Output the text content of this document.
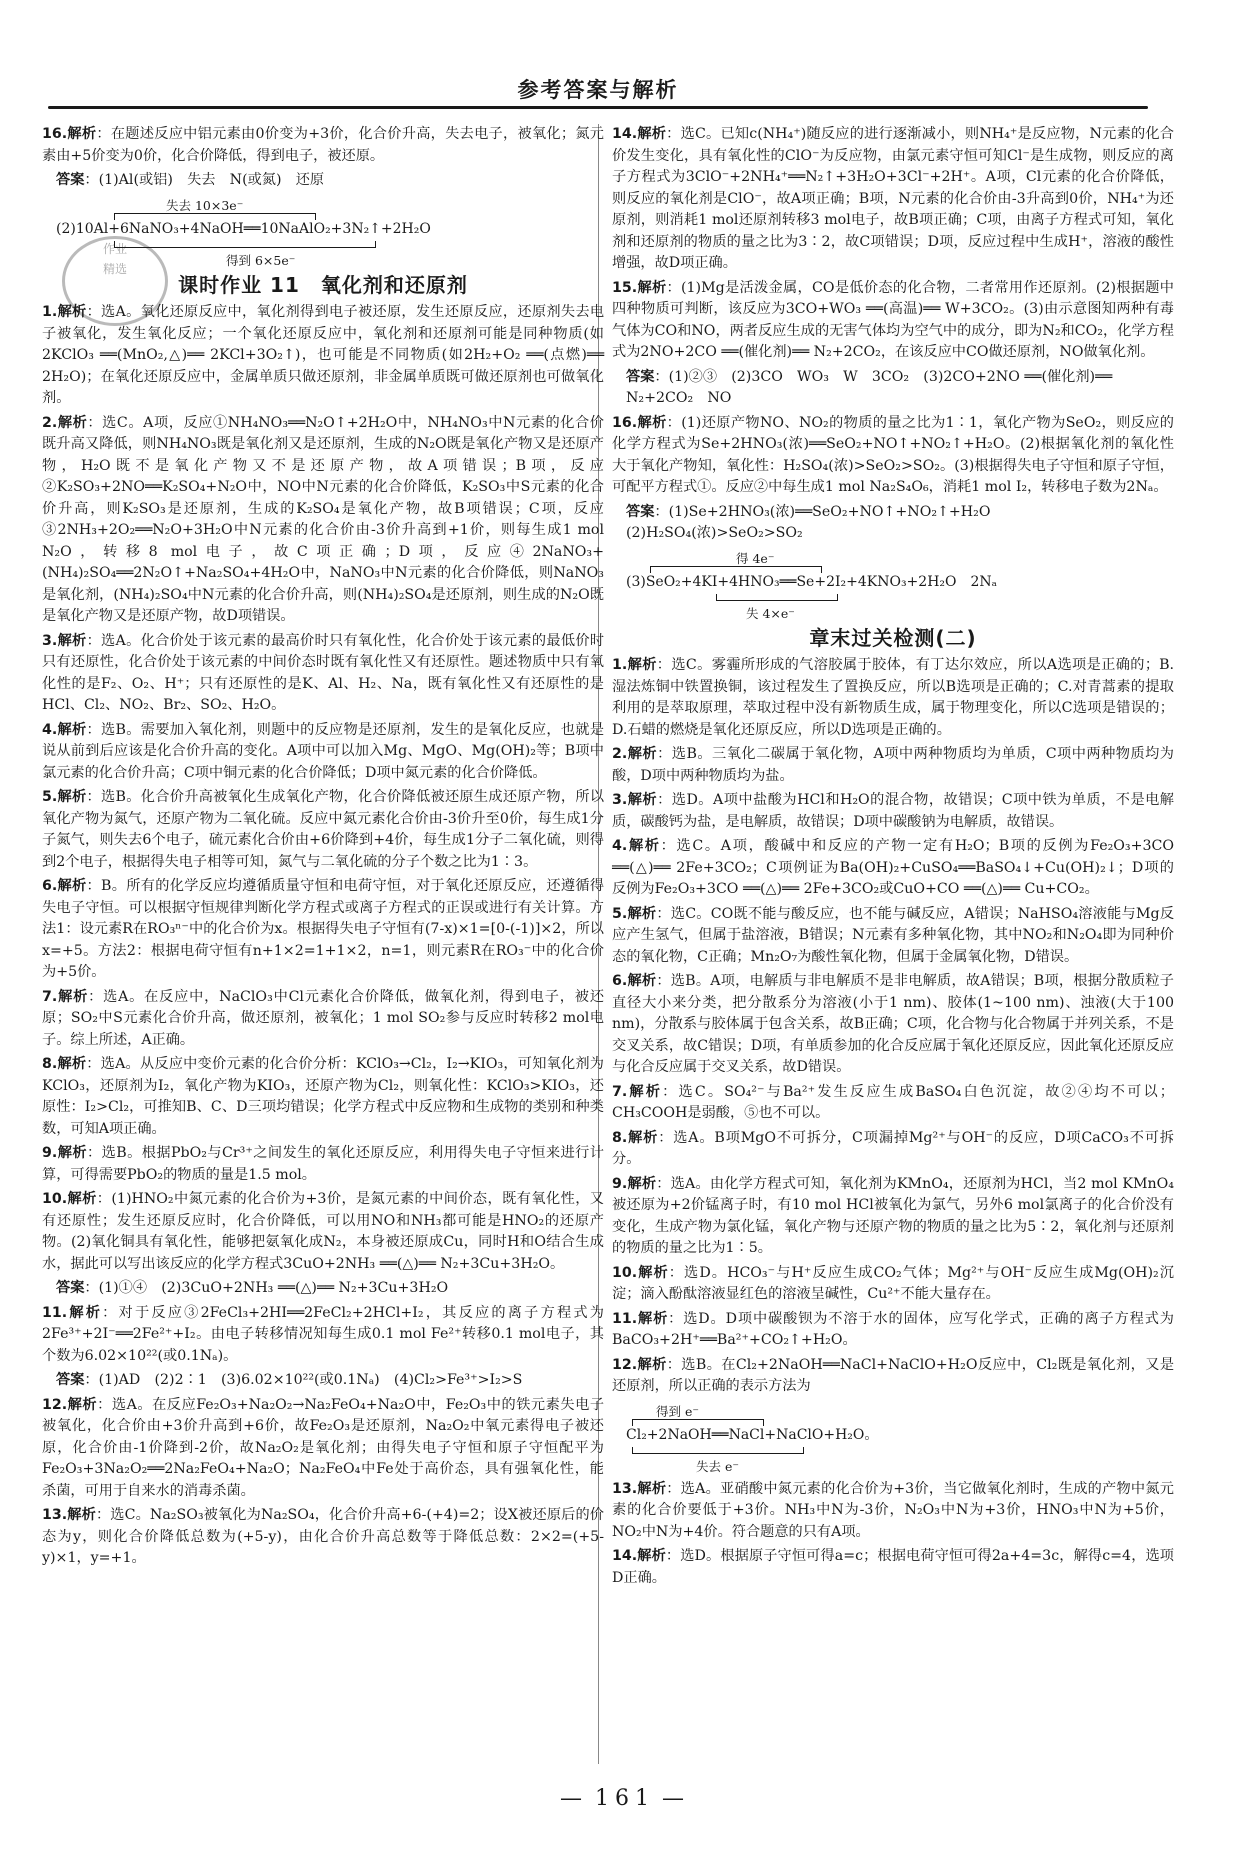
参考答案与解析
作业
精选
16.解析：在题述反应中铝元素由0价变为+3价，化合价升高，失去电子，被氧化；氮元素由+5价变为0价，化合价降低，得到电子，被还原。
答案：(1)Al(或铝)　失去　N(或氮)　还原
失去 10×3e⁻
(2)10Al+6NaNO₃+4NaOH══10NaAlO₂+3N₂↑+2H₂O
得到 6×5e⁻
课时作业 11　氧化剂和还原剂
1.解析：选A。氧化还原反应中，氧化剂得到电子被还原，发生还原反应，还原剂失去电子被氧化，发生氧化反应；一个氧化还原反应中，氧化剂和还原剂可能是同种物质(如2KClO₃ ══(MnO₂,△)══ 2KCl+3O₂↑)，也可能是不同物质(如2H₂+O₂ ══(点燃)══ 2H₂O)；在氧化还原反应中，金属单质只做还原剂，非金属单质既可做还原剂也可做氧化剂。
2.解析：选C。A项，反应①NH₄NO₃══N₂O↑+2H₂O中，NH₄NO₃中N元素的化合价既升高又降低，则NH₄NO₃既是氧化剂又是还原剂，生成的N₂O既是氧化产物又是还原产物，H₂O既不是氧化产物又不是还原产物，故A项错误；B项，反应②K₂SO₃+2NO══K₂SO₄+N₂O中，NO中N元素的化合价降低，K₂SO₃中S元素的化合价升高，则K₂SO₃是还原剂，生成的K₂SO₄是氧化产物，故B项错误；C项，反应③2NH₃+2O₂══N₂O+3H₂O中N元素的化合价由-3价升高到+1价，则每生成1 mol N₂O，转移8 mol电子，故C项正确；D项，反应④2NaNO₃+(NH₄)₂SO₄══2N₂O↑+Na₂SO₄+4H₂O中，NaNO₃中N元素的化合价降低，则NaNO₃是氧化剂，(NH₄)₂SO₄中N元素的化合价升高，则(NH₄)₂SO₄是还原剂，则生成的N₂O既是氧化产物又是还原产物，故D项错误。
3.解析：选A。化合价处于该元素的最高价时只有氧化性，化合价处于该元素的最低价时只有还原性，化合价处于该元素的中间价态时既有氧化性又有还原性。题述物质中只有氧化性的是F₂、O₂、H⁺；只有还原性的是K、Al、H₂、Na，既有氧化性又有还原性的是HCl、Cl₂、NO₂、Br₂、SO₂、H₂O。
4.解析：选B。需要加入氧化剂，则题中的反应物是还原剂，发生的是氧化反应，也就是说从前到后应该是化合价升高的变化。A项中可以加入Mg、MgO、Mg(OH)₂等；B项中氯元素的化合价升高；C项中铜元素的化合价降低；D项中氮元素的化合价降低。
5.解析：选B。化合价升高被氧化生成氧化产物，化合价降低被还原生成还原产物，所以氧化产物为氮气，还原产物为二氧化硫。反应中氮元素化合价由-3价升至0价，每生成1分子氮气，则失去6个电子，硫元素化合价由+6价降到+4价，每生成1分子二氧化硫，则得到2个电子，根据得失电子相等可知，氮气与二氧化硫的分子个数之比为1∶3。
6.解析：B。所有的化学反应均遵循质量守恒和电荷守恒，对于氧化还原反应，还遵循得失电子守恒。可以根据守恒规律判断化学方程式或离子方程式的正误或进行有关计算。方法1：设元素R在RO₃ⁿ⁻中的化合价为x。根据得失电子守恒有(7-x)×1=[0-(-1)]×2，所以x=+5。方法2：根据电荷守恒有n+1×2=1+1×2，n=1，则元素R在RO₃⁻中的化合价为+5价。
7.解析：选A。在反应中，NaClO₃中Cl元素化合价降低，做氧化剂，得到电子，被还原；SO₂中S元素化合价升高，做还原剂，被氧化；1 mol SO₂参与反应时转移2 mol电子。综上所述，A正确。
8.解析：选A。从反应中变价元素的化合价分析：KClO₃→Cl₂，I₂→KIO₃，可知氧化剂为KClO₃，还原剂为I₂，氧化产物为KIO₃，还原产物为Cl₂，则氧化性：KClO₃>KIO₃，还原性：I₂>Cl₂，可推知B、C、D三项均错误；化学方程式中反应物和生成物的类别和种类数，可知A项正确。
9.解析：选B。根据PbO₂与Cr³⁺之间发生的氧化还原反应，利用得失电子守恒来进行计算，可得需要PbO₂的物质的量是1.5 mol。
10.解析：(1)HNO₂中氮元素的化合价为+3价，是氮元素的中间价态，既有氧化性，又有还原性；发生还原反应时，化合价降低，可以用NO和NH₃都可能是HNO₂的还原产物。(2)氧化铜具有氧化性，能够把氨氧化成N₂，本身被还原成Cu，同时H和O结合生成水，据此可以写出该反应的化学方程式3CuO+2NH₃ ══(△)══ N₂+3Cu+3H₂O。
答案：(1)①④　(2)3CuO+2NH₃ ══(△)══ N₂+3Cu+3H₂O
11.解析：对于反应③2FeCl₃+2HI══2FeCl₂+2HCl+I₂，其反应的离子方程式为2Fe³⁺+2I⁻══2Fe²⁺+I₂。由电子转移情况知每生成0.1 mol Fe²⁺转移0.1 mol电子，其个数为6.02×10²²(或0.1Nₐ)。
答案：(1)AD　(2)2∶1　(3)6.02×10²²(或0.1Nₐ)　(4)Cl₂>Fe³⁺>I₂>S
12.解析：选A。在反应Fe₂O₃+Na₂O₂→Na₂FeO₄+Na₂O中，Fe₂O₃中的铁元素失电子被氧化，化合价由+3价升高到+6价，故Fe₂O₃是还原剂，Na₂O₂中氧元素得电子被还原，化合价由-1价降到-2价，故Na₂O₂是氧化剂；由得失电子守恒和原子守恒配平为Fe₂O₃+3Na₂O₂══2Na₂FeO₄+Na₂O；Na₂FeO₄中Fe处于高价态，具有强氧化性，能杀菌，可用于自来水的消毒杀菌。
13.解析：选C。Na₂SO₃被氧化为Na₂SO₄，化合价升高+6-(+4)=2；设X被还原后的价态为y，则化合价降低总数为(+5-y)，由化合价升高总数等于降低总数：2×2=(+5-y)×1，y=+1。
14.解析：选C。已知c(NH₄⁺)随反应的进行逐渐减小，则NH₄⁺是反应物，N元素的化合价发生变化，具有氧化性的ClO⁻为反应物，由氯元素守恒可知Cl⁻是生成物，则反应的离子方程式为3ClO⁻+2NH₄⁺══N₂↑+3H₂O+3Cl⁻+2H⁺。A项，Cl元素的化合价降低，则反应的氧化剂是ClO⁻，故A项正确；B项，N元素的化合价由-3升高到0价，NH₄⁺为还原剂，则消耗1 mol还原剂转移3 mol电子，故B项正确；C项，由离子方程式可知，氧化剂和还原剂的物质的量之比为3∶2，故C项错误；D项，反应过程中生成H⁺，溶液的酸性增强，故D项正确。
15.解析：(1)Mg是活泼金属，CO是低价态的化合物，二者常用作还原剂。(2)根据题中四种物质可判断，该反应为3CO+WO₃ ══(高温)══ W+3CO₂。(3)由示意图知两种有毒气体为CO和NO，两者反应生成的无害气体均为空气中的成分，即为N₂和CO₂，化学方程式为2NO+2CO ══(催化剂)══ N₂+2CO₂，在该反应中CO做还原剂，NO做氧化剂。
答案：(1)②③　(2)3CO　WO₃　W　3CO₂　(3)2CO+2NO ══(催化剂)══ N₂+2CO₂　NO
16.解析：(1)还原产物NO、NO₂的物质的量之比为1∶1，氧化产物为SeO₂，则反应的化学方程式为Se+2HNO₃(浓)══SeO₂+NO↑+NO₂↑+H₂O。(2)根据氧化剂的氧化性大于氧化产物知，氧化性：H₂SO₄(浓)>SeO₂>SO₂。(3)根据得失电子守恒和原子守恒，可配平方程式①。反应②中每生成1 mol Na₂S₄O₆，消耗1 mol I₂，转移电子数为2Nₐ。
答案：(1)Se+2HNO₃(浓)══SeO₂+NO↑+NO₂↑+H₂O　(2)H₂SO₄(浓)>SeO₂>SO₂
得 4e⁻
(3)SeO₂+4KI+4HNO₃══Se+2I₂+4KNO₃+2H₂O　2Nₐ
失 4×e⁻
章末过关检测(二)
1.解析：选C。雾霾所形成的气溶胶属于胶体，有丁达尔效应，所以A选项是正确的；B.湿法炼铜中铁置换铜，该过程发生了置换反应，所以B选项是正确的；C.对青蒿素的提取利用的是萃取原理，萃取过程中没有新物质生成，属于物理变化，所以C选项是错误的；D.石蜡的燃烧是氧化还原反应，所以D选项是正确的。
2.解析：选B。三氧化二碳属于氧化物，A项中两种物质均为单质，C项中两种物质均为酸，D项中两种物质均为盐。
3.解析：选D。A项中盐酸为HCl和H₂O的混合物，故错误；C项中铁为单质，不是电解质，碳酸钙为盐，是电解质，故错误；D项中碳酸钠为电解质，故错误。
4.解析：选C。A项，酸碱中和反应的产物一定有H₂O；B项的反例为Fe₂O₃+3CO ══(△)══ 2Fe+3CO₂；C项例证为Ba(OH)₂+CuSO₄══BaSO₄↓+Cu(OH)₂↓；D项的反例为Fe₂O₃+3CO ══(△)══ 2Fe+3CO₂或CuO+CO ══(△)══ Cu+CO₂。
5.解析：选C。CO既不能与酸反应，也不能与碱反应，A错误；NaHSO₄溶液能与Mg反应产生氢气，但属于盐溶液，B错误；N元素有多种氧化物，其中NO₂和N₂O₄即为同种价态的氧化物，C正确；Mn₂O₇为酸性氧化物，但属于金属氧化物，D错误。
6.解析：选B。A项，电解质与非电解质不是非电解质，故A错误；B项，根据分散质粒子直径大小来分类，把分散系分为溶液(小于1 nm)、胶体(1~100 nm)、浊液(大于100 nm)，分散系与胶体属于包含关系，故B正确；C项，化合物与化合物属于并列关系，不是交叉关系，故C错误；D项，有单质参加的化合反应属于氧化还原反应，因此氧化还原反应与化合反应属于交叉关系，故D错误。
7.解析：选C。SO₄²⁻与Ba²⁺发生反应生成BaSO₄白色沉淀，故②④均不可以；CH₃COOH是弱酸，⑤也不可以。
8.解析：选A。B项MgO不可拆分，C项漏掉Mg²⁺与OH⁻的反应，D项CaCO₃不可拆分。
9.解析：选A。由化学方程式可知，氧化剂为KMnO₄，还原剂为HCl，当2 mol KMnO₄被还原为+2价锰离子时，有10 mol HCl被氧化为氯气，另外6 mol氯离子的化合价没有变化，生成产物为氯化锰，氧化产物与还原产物的物质的量之比为5∶2，氧化剂与还原剂的物质的量之比为1∶5。
10.解析：选D。HCO₃⁻与H⁺反应生成CO₂气体；Mg²⁺与OH⁻反应生成Mg(OH)₂沉淀；滴入酚酞溶液显红色的溶液呈碱性，Cu²⁺不能大量存在。
11.解析：选D。D项中碳酸钡为不溶于水的固体，应写化学式，正确的离子方程式为BaCO₃+2H⁺══Ba²⁺+CO₂↑+H₂O。
12.解析：选B。在Cl₂+2NaOH══NaCl+NaClO+H₂O反应中，Cl₂既是氧化剂，又是还原剂，所以正确的表示方法为
得到 e⁻
Cl₂+2NaOH══NaCl+NaClO+H₂O。
失去 e⁻
13.解析：选A。亚硝酸中氮元素的化合价为+3价，当它做氧化剂时，生成的产物中氮元素的化合价要低于+3价。NH₃中N为-3价，N₂O₃中N为+3价，HNO₃中N为+5价，NO₂中N为+4价。符合题意的只有A项。
14.解析：选D。根据原子守恒可得a=c；根据电荷守恒可得2a+4=3c，解得c=4，选项D正确。
— 161 —
